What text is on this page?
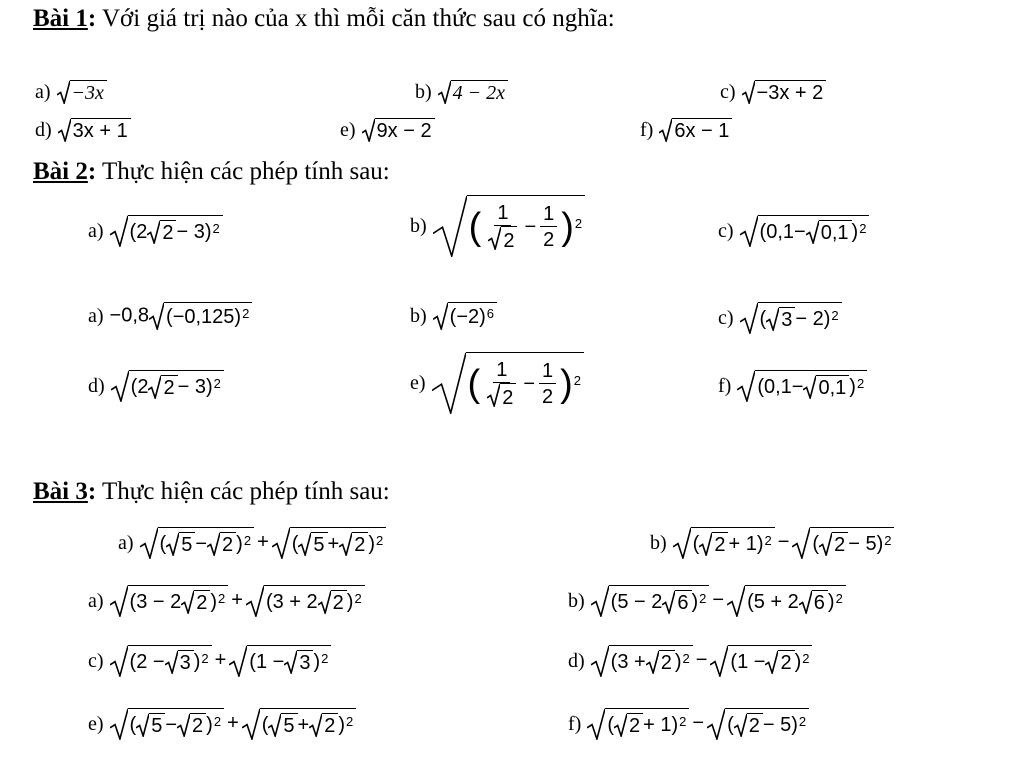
Bài 1: Với giá trị nào của x thì mỗi căn thức sau có nghĩa:
a) −3x	b) 4 − 2x	c) −3x + 2
d) 3x + 1	e) 9x − 2	f) 6x − 1
Bài 2: Thực hiện các phép tính sau:
a) (2 2 − 3) 2	b) ( $\frac{1}{2} - \frac{1}{2}$ ) 2	c) (0,1− 0,1 ) 2
a) −0,8 (−0,125) 2	b) (−2) 6	c) ( 3 − 2) 2
d) (2 2 − 3) 2	e) ( $\frac{1}{2} - \frac{1}{2}$ ) 2	f) (0,1− 0,1 ) 2
Bài 3: Thực hiện các phép tính sau:
a) ( 5 − 2 ) 2 + ( 5 + 2 ) 2	b) ( 2 + 1) 2 − ( 2 − 5) 2
a) (3 − 2 2 ) 2 + (3 + 2 2 ) 2	b) (5 − 2 6 ) 2 − (5 + 2 6 ) 2
c) (2 − 3 ) 2 + (1 − 3 ) 2	d) (3 + 2 ) 2 − (1 − 2 ) 2
e) ( 5 − 2 ) 2 + ( 5 + 2 ) 2	f) ( 2 + 1) 2 − ( 2 − 5) 2
